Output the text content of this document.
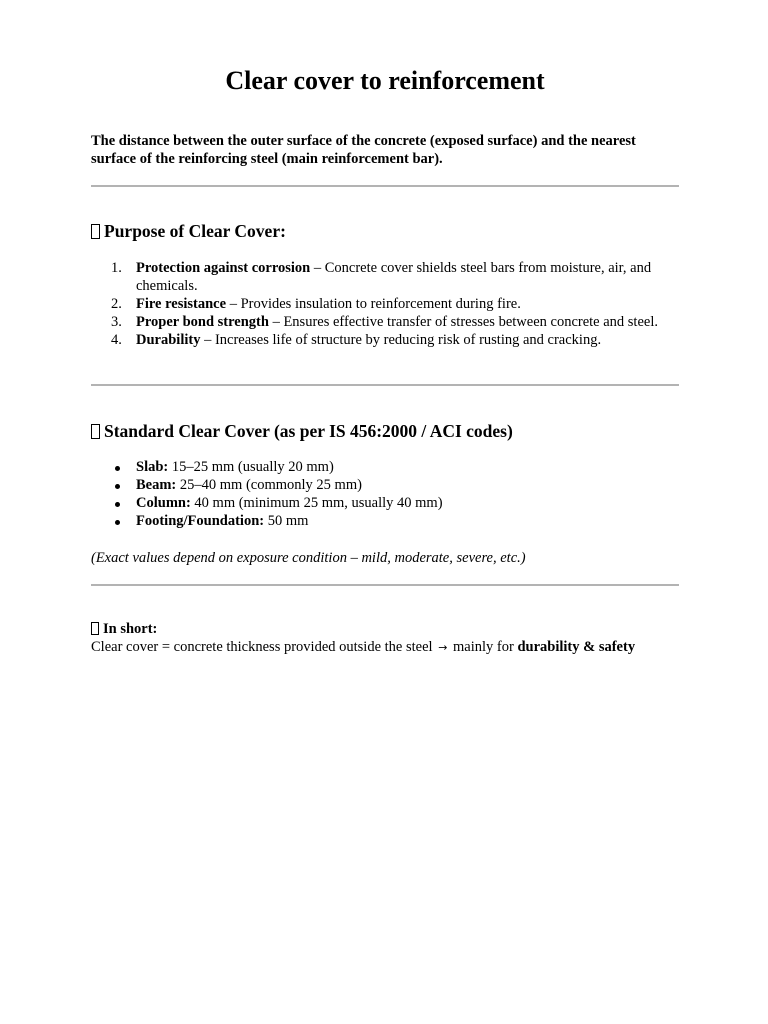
Clear cover to reinforcement

The distance between the outer surface of the concrete (exposed surface) and the nearest surface of the reinforcing steel (main reinforcement bar).

Purpose of Clear Cover:
1. Protection against corrosion – Concrete cover shields steel bars from moisture, air, and chemicals.
2. Fire resistance – Provides insulation to reinforcement during fire.
3. Proper bond strength – Ensures effective transfer of stresses between concrete and steel.
4. Durability – Increases life of structure by reducing risk of rusting and cracking.
Standard Clear Cover (as per IS 456:2000 / ACI codes)
Slab: 15–25 mm (usually 20 mm)
Beam: 25–40 mm (commonly 25 mm)
Column: 40 mm (minimum 25 mm, usually 40 mm)
Footing/Foundation: 50 mm

(Exact values depend on exposure condition – mild, moderate, severe, etc.)

In short:

Clear cover = concrete thickness provided outside the steel → mainly for durability & safety
